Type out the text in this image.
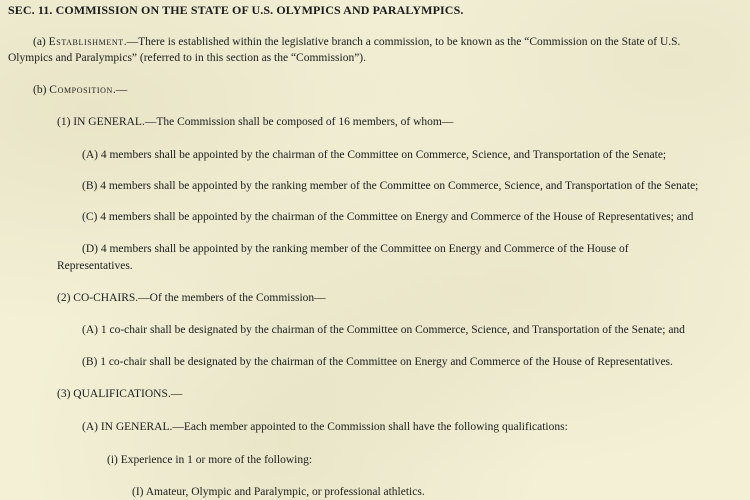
SEC. 11. COMMISSION ON THE STATE OF U.S. OLYMPICS AND PARALYMPICS.
(a) Establishment.—There is established within the legislative branch a commission, to be known as the “Commission on the State of U.S.
Olympics and Paralympics” (referred to in this section as the “Commission”).
(b) Composition.—
(1) IN GENERAL.—The Commission shall be composed of 16 members, of whom—
(A) 4 members shall be appointed by the chairman of the Committee on Commerce, Science, and Transportation of the Senate;
(B) 4 members shall be appointed by the ranking member of the Committee on Commerce, Science, and Transportation of the Senate;
(C) 4 members shall be appointed by the chairman of the Committee on Energy and Commerce of the House of Representatives; and
(D) 4 members shall be appointed by the ranking member of the Committee on Energy and Commerce of the House of
Representatives.
(2) CO-CHAIRS.—Of the members of the Commission—
(A) 1 co-chair shall be designated by the chairman of the Committee on Commerce, Science, and Transportation of the Senate; and
(B) 1 co-chair shall be designated by the chairman of the Committee on Energy and Commerce of the House of Representatives.
(3) QUALIFICATIONS.—
(A) IN GENERAL.—Each member appointed to the Commission shall have the following qualifications:
(i) Experience in 1 or more of the following:
(I) Amateur, Olympic and Paralympic, or professional athletics.
